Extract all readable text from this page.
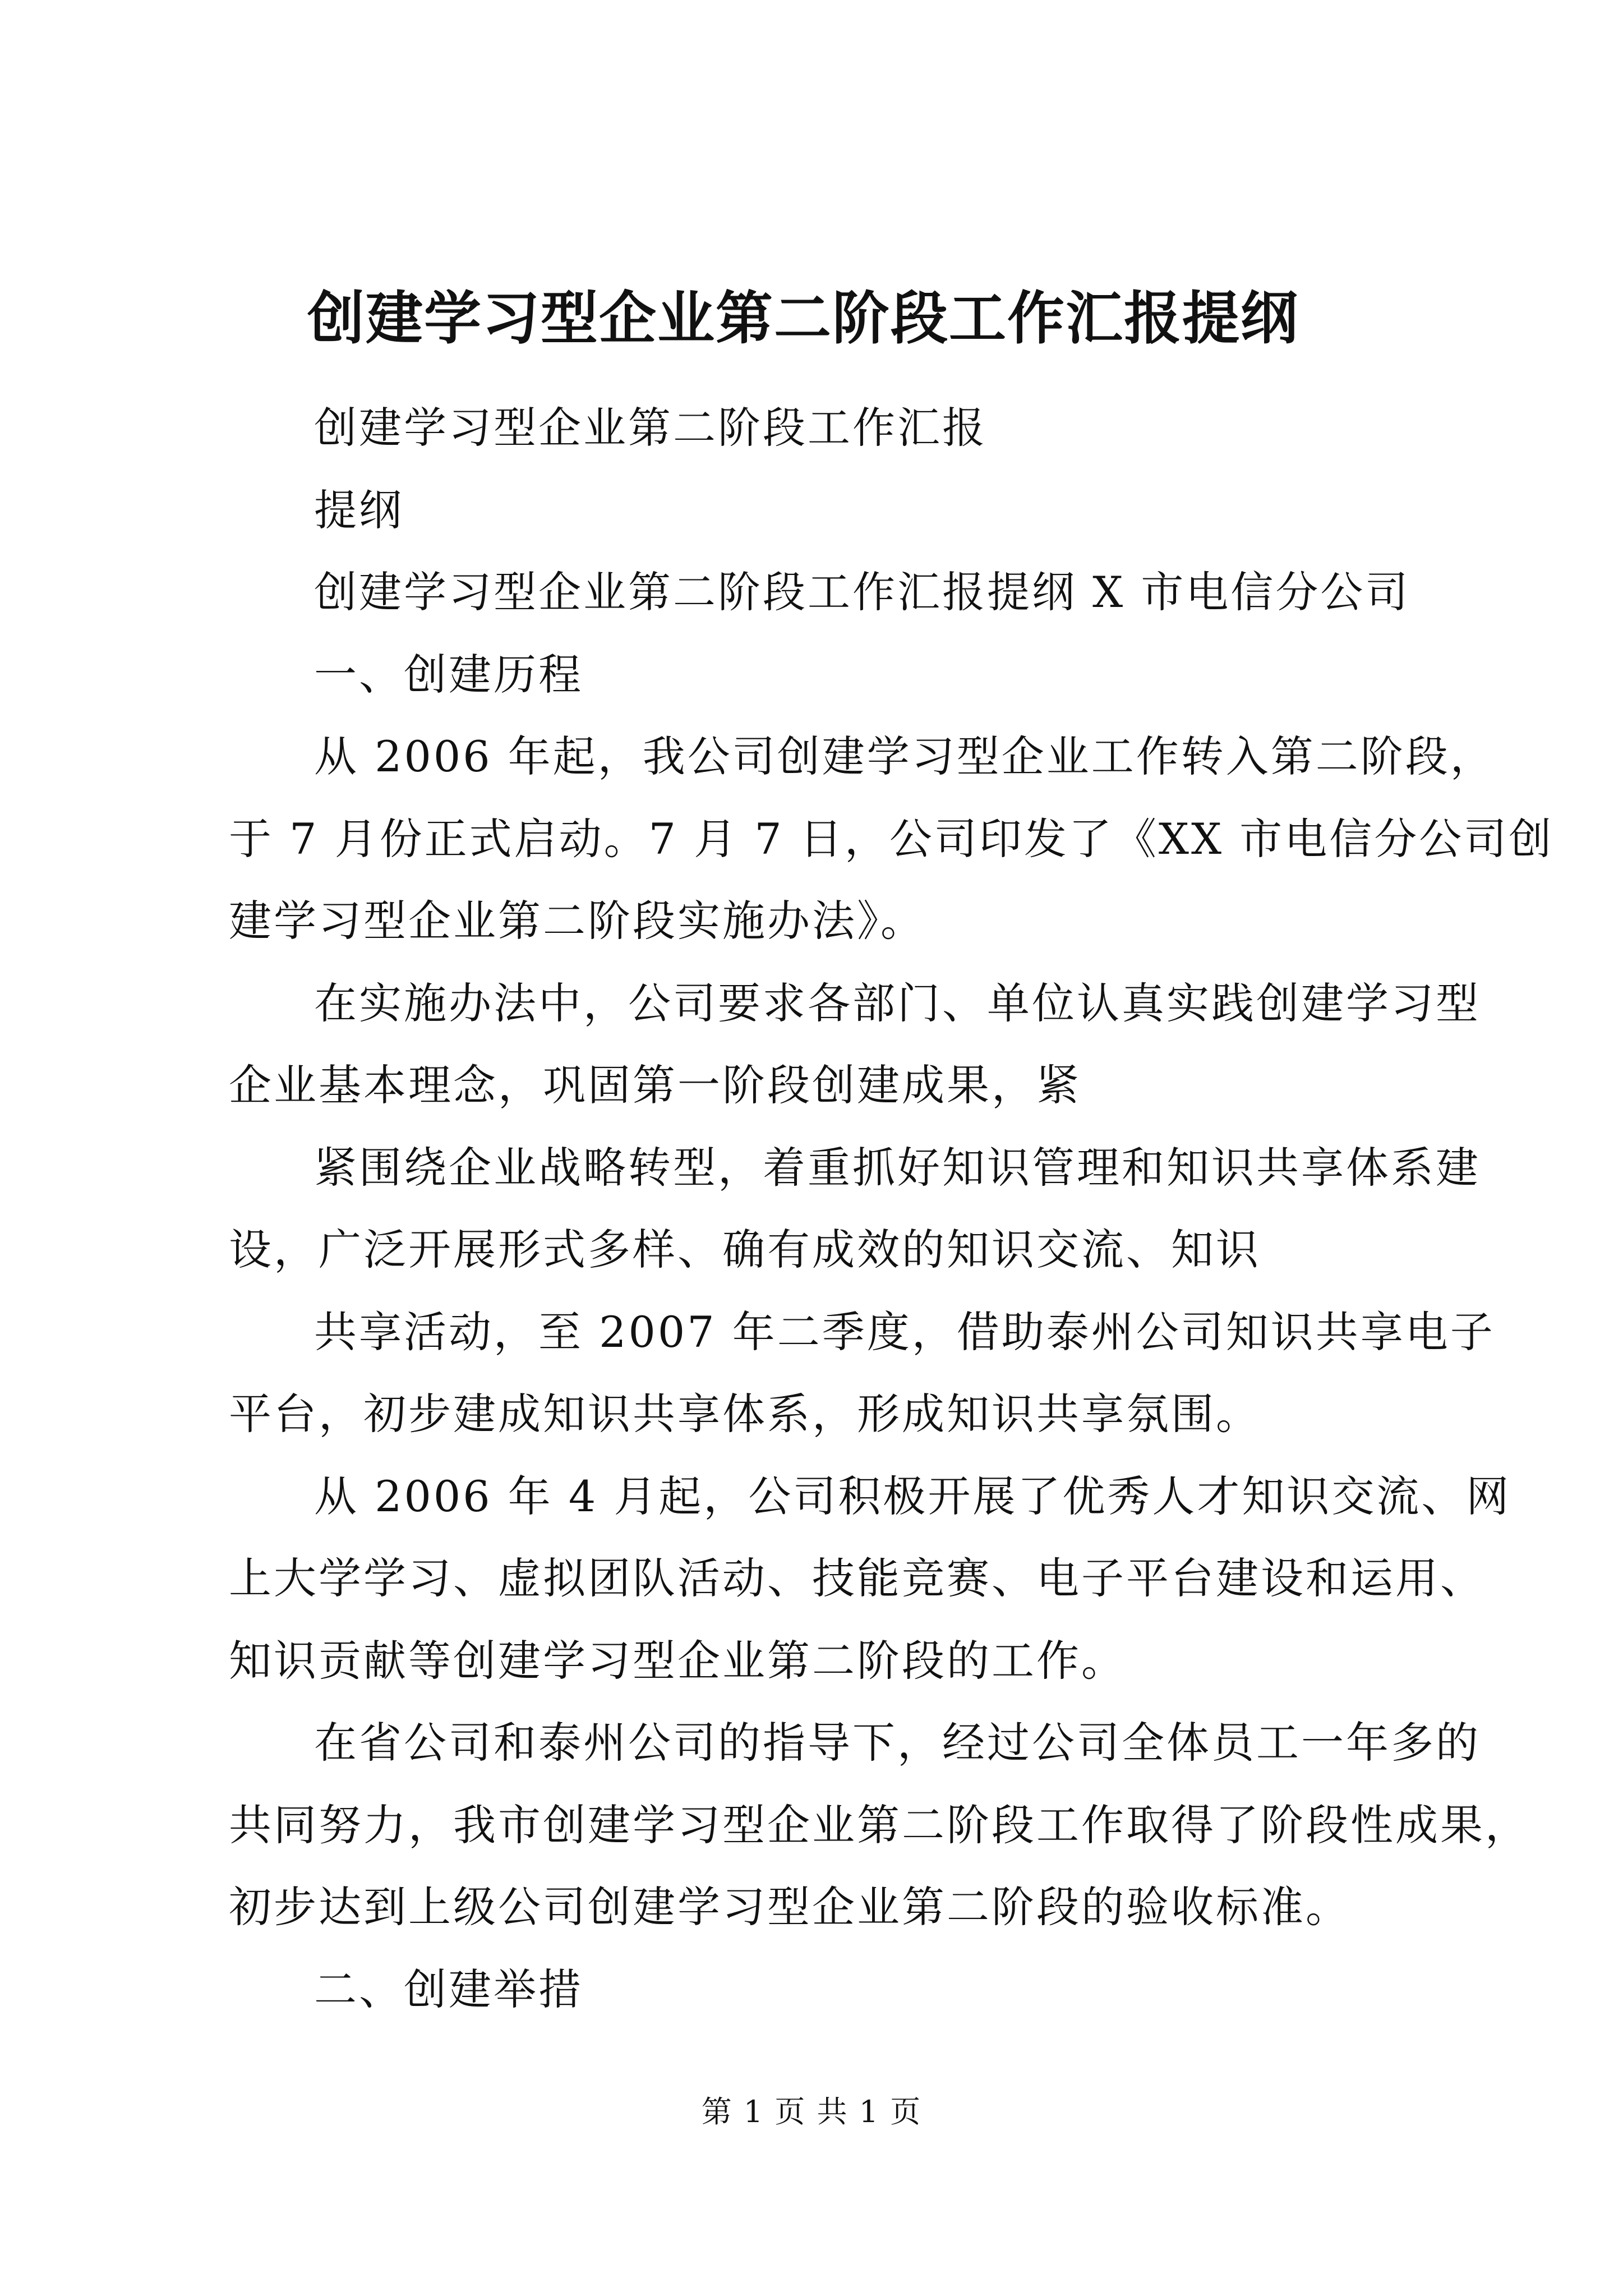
创建学习型企业第二阶段工作汇报提纲
创建学习型企业第二阶段工作汇报
提纲
创建学习型企业第二阶段工作汇报提纲 X 市电信分公司
一、创建历程
从 2006 年起，我公司创建学习型企业工作转入第二阶段，
于 7 月份正式启动。7 月 7 日，公司印发了《XX 市电信分公司创
建学习型企业第二阶段实施办法》。
在实施办法中，公司要求各部门、单位认真实践创建学习型
企业基本理念，巩固第一阶段创建成果，紧
紧围绕企业战略转型，着重抓好知识管理和知识共享体系建
设，广泛开展形式多样、确有成效的知识交流、知识
共享活动，至 2007 年二季度，借助泰州公司知识共享电子
平台，初步建成知识共享体系，形成知识共享氛围。
从 2006 年 4 月起，公司积极开展了优秀人才知识交流、网
上大学学习、虚拟团队活动、技能竞赛、电子平台建设和运用、
知识贡献等创建学习型企业第二阶段的工作。
在省公司和泰州公司的指导下，经过公司全体员工一年多的
共同努力，我市创建学习型企业第二阶段工作取得了阶段性成果，
初步达到上级公司创建学习型企业第二阶段的验收标准。
二、创建举措
第 1 页 共 1 页
